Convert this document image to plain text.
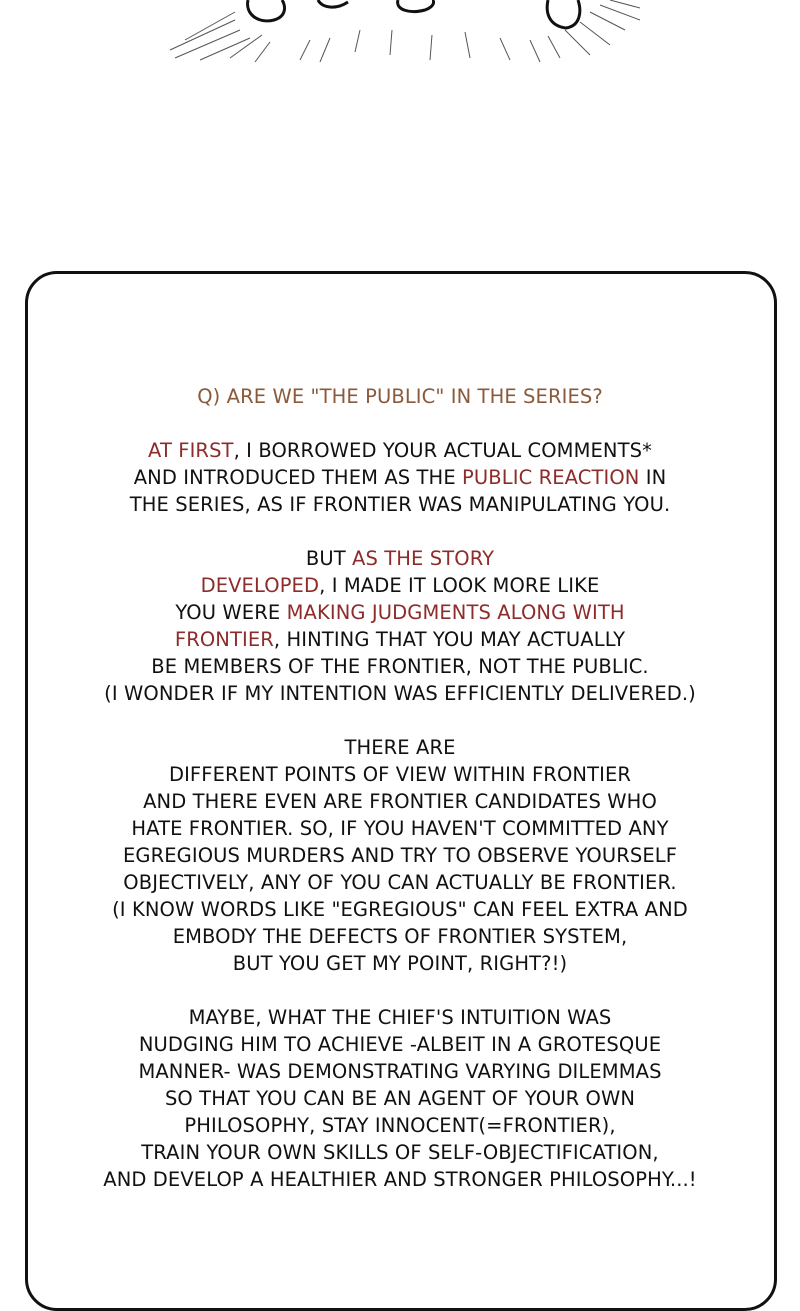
Q) ARE WE "THE PUBLIC" IN THE SERIES?
AT FIRST, I BORROWED YOUR ACTUAL COMMENTS*
AND INTRODUCED THEM AS THE PUBLIC REACTION IN
THE SERIES, AS IF FRONTIER WAS MANIPULATING YOU.
BUT AS THE STORY
DEVELOPED, I MADE IT LOOK MORE LIKE
YOU WERE MAKING JUDGMENTS ALONG WITH
FRONTIER, HINTING THAT YOU MAY ACTUALLY
BE MEMBERS OF THE FRONTIER, NOT THE PUBLIC.
(I WONDER IF MY INTENTION WAS EFFICIENTLY DELIVERED.)
THERE ARE
DIFFERENT POINTS OF VIEW WITHIN FRONTIER
AND THERE EVEN ARE FRONTIER CANDIDATES WHO
HATE FRONTIER. SO, IF YOU HAVEN'T COMMITTED ANY
EGREGIOUS MURDERS AND TRY TO OBSERVE YOURSELF
OBJECTIVELY, ANY OF YOU CAN ACTUALLY BE FRONTIER.
(I KNOW WORDS LIKE "EGREGIOUS" CAN FEEL EXTRA AND
EMBODY THE DEFECTS OF FRONTIER SYSTEM,
BUT YOU GET MY POINT, RIGHT?!)
MAYBE, WHAT THE CHIEF'S INTUITION WAS
NUDGING HIM TO ACHIEVE -ALBEIT IN A GROTESQUE
MANNER- WAS DEMONSTRATING VARYING DILEMMAS
SO THAT YOU CAN BE AN AGENT OF YOUR OWN
PHILOSOPHY, STAY INNOCENT(=FRONTIER),
TRAIN YOUR OWN SKILLS OF SELF-OBJECTIFICATION,
AND DEVELOP A HEALTHIER AND STRONGER PHILOSOPHY...!
